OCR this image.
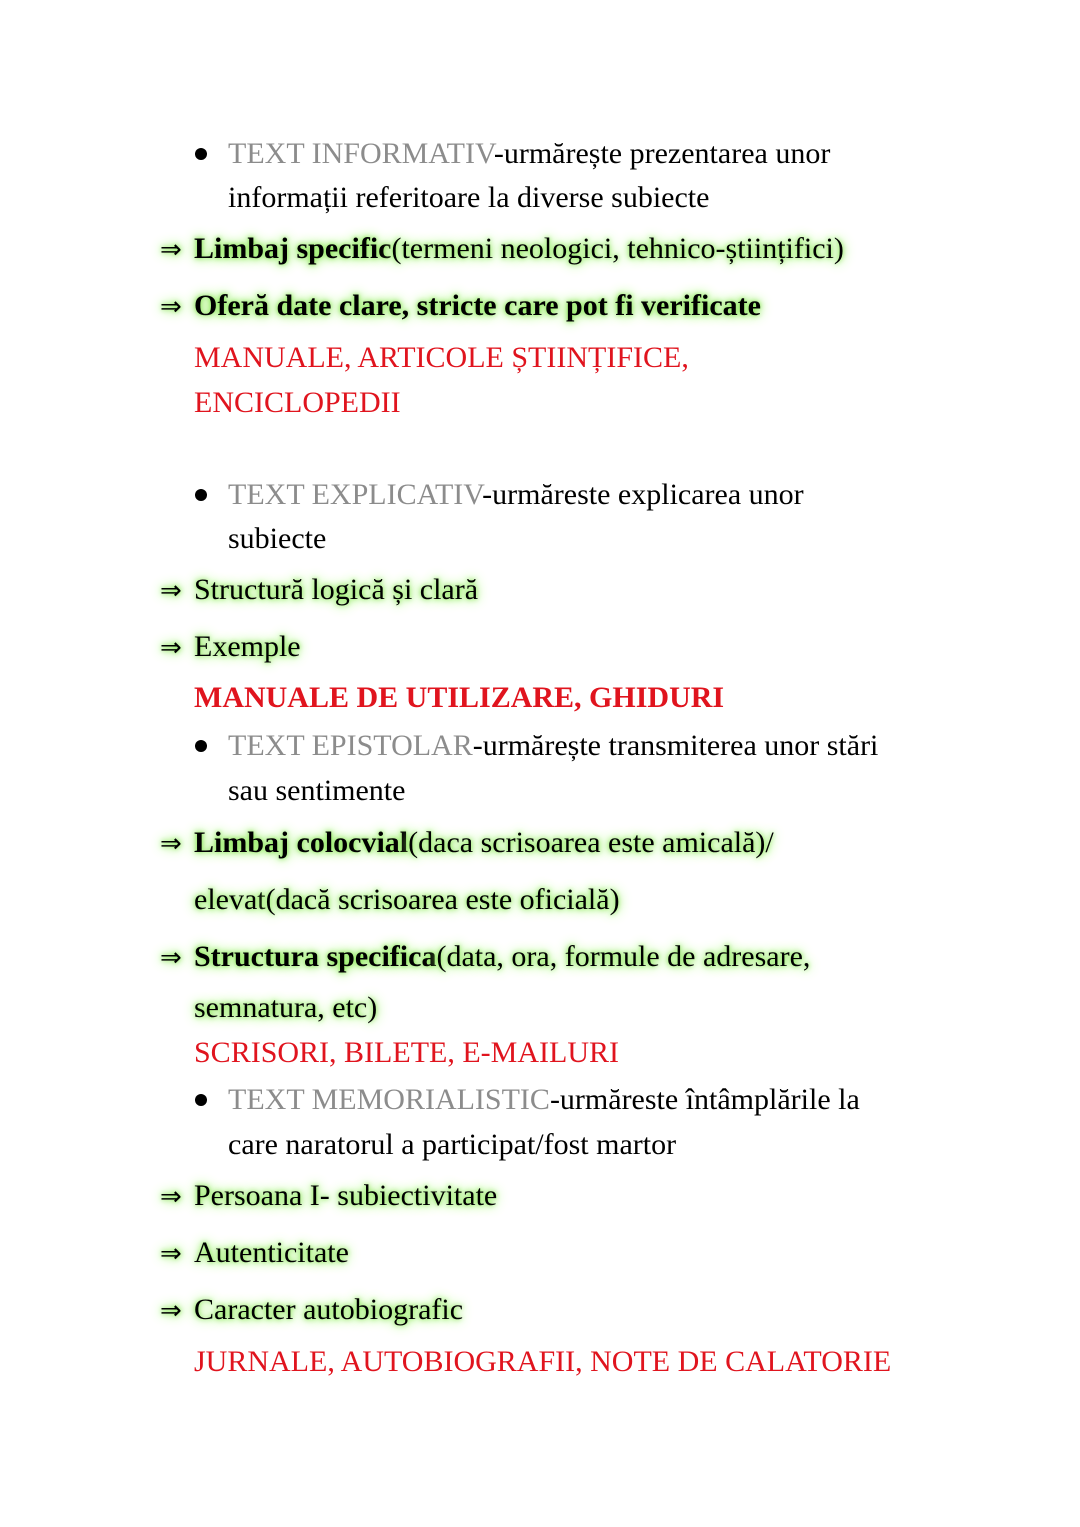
TEXT INFORMATIV-urmărește prezentarea unor
informații referitoare la diverse subiecte
⇒ Limbaj specific(termeni neologici, tehnico-științifici)
⇒ Oferă date clare, stricte care pot fi verificate
MANUALE, ARTICOLE ȘTIINȚIFICE,
ENCICLOPEDII
TEXT EXPLICATIV-urmăreste explicarea unor
subiecte
⇒ Structură logică și clară
⇒ Exemple
MANUALE DE UTILIZARE, GHIDURI
TEXT EPISTOLAR-urmărește transmiterea unor stări
sau sentimente
⇒ Limbaj colocvial(daca scrisoarea este amicală)/
elevat(dacă scrisoarea este oficială)
⇒ Structura specifica(data, ora, formule de adresare,
semnatura, etc)
SCRISORI, BILETE, E-MAILURI
TEXT MEMORIALISTIC-urmăreste întâmplările la
care naratorul a participat/fost martor
⇒ Persoana I- subiectivitate
⇒ Autenticitate
⇒ Caracter autobiografic
JURNALE, AUTOBIOGRAFII, NOTE DE CALATORIE
